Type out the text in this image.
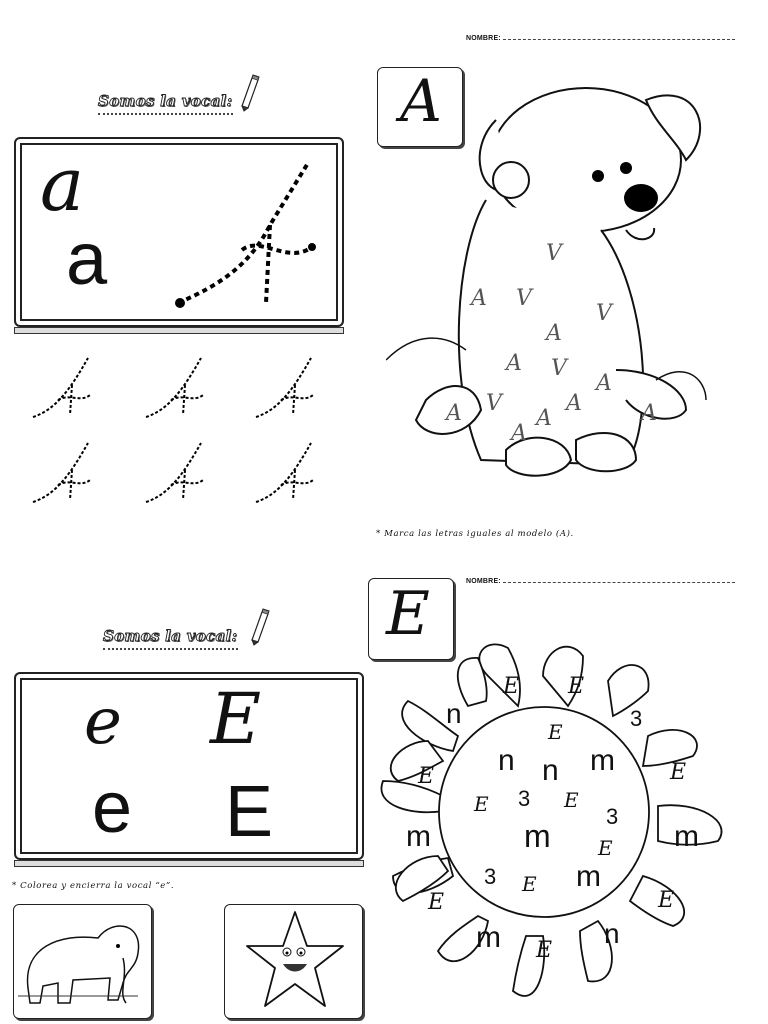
NOMBRE:
Somos la vocal:
a
a
A
A V
A
V
A V
A
A
A
V	A
V
A
A
* Marca las letras iguales al modelo (A).
NOMBRE:
Somos la vocal: E
e E
e E
* Colorea y encierra la vocal “e”.
E E
3
E
m
n
E
m
E	E
m E
n
m
E
n n m
E 3 E
3
m E
3 E
